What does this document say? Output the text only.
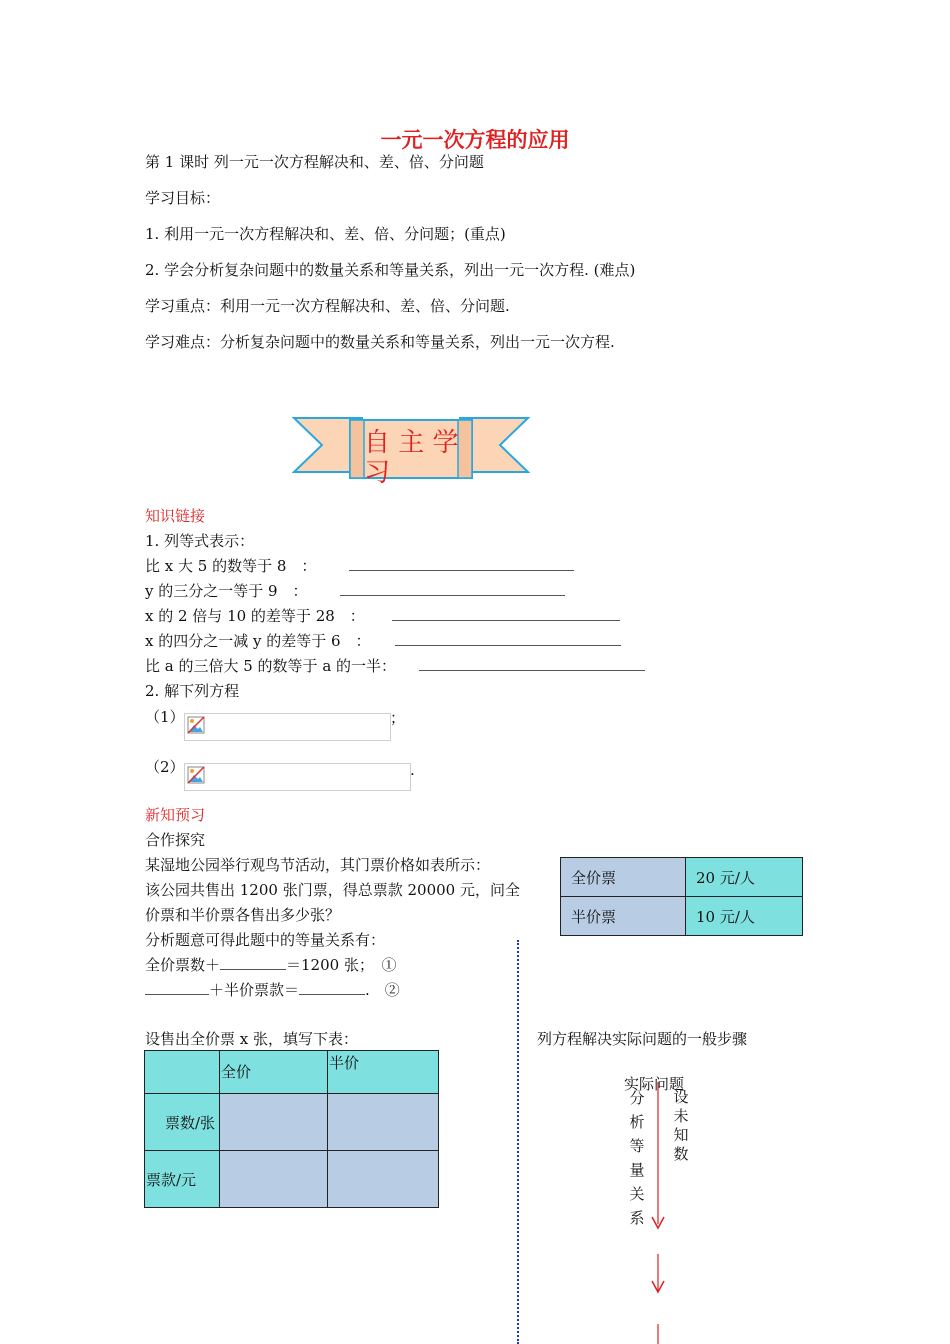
一元一次方程的应用
第 1 课时 列一元一次方程解决和、差、倍、分问题
学习目标：
1. 利用一元一次方程解决和、差、倍、分问题；(重点)
2. 学会分析复杂问题中的数量关系和等量关系，列出一元一次方程. (难点)
学习重点：利用一元一次方程解决和、差、倍、分问题.
学习难点：分析复杂问题中的数量关系和等量关系，列出一元一次方程.
自 主 学 习
知识链接
1. 列等式表示：
比 x 大 5 的数等于 8　：
y 的三分之一等于 9　：
x 的 2 倍与 10 的差等于 28　：
x 的四分之一减 y 的差等于 6　：
比 a 的三倍大 5 的数等于 a 的一半：
2. 解下列方程
（1）	；
（2）	.
新知预习
合作探究
某湿地公园举行观鸟节活动，其门票价格如表所示：
该公园共售出 1200 张门票，得总票款 20000 元，问全
价票和半价票各售出多少张？
分析题意可得此题中的等量关系有：
全价票数＋	＝1200 张；　①
＋半价票款＝	.　②
全价票	20 元/人
半价票	10 元/人
设售出全价票 x 张，填写下表：
	全价	半价
票数/张		
票款/元		
列方程解决实际问题的一般步骤
实际问题
分析等量关系
设未知数
